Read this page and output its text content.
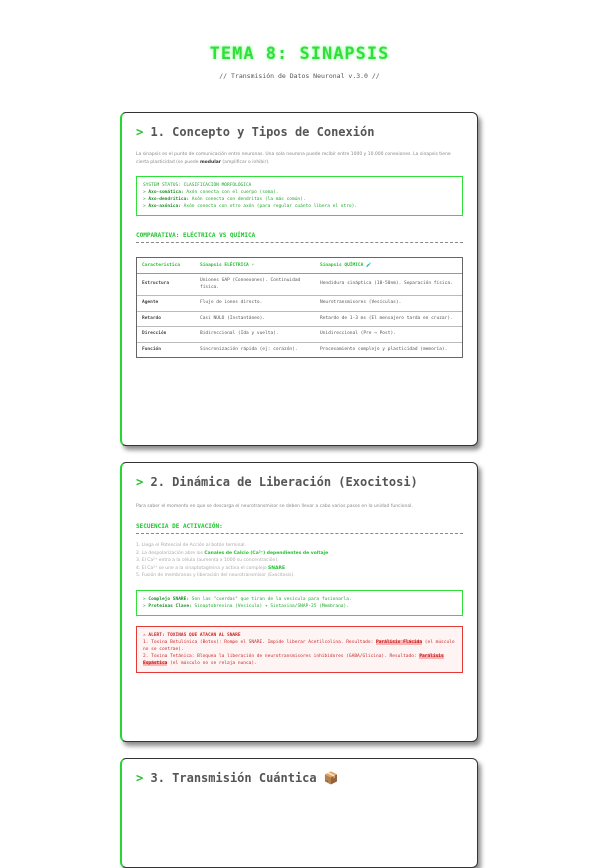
TEMA 8: SINAPSIS
// Transmisión de Datos Neuronal v.3.0 //
> 1. Concepto y Tipos de Conexión
La sinapsis es el punto de comunicación entre neuronas. Una sola neurona puede recibir entre 1000 y 10.000 conexiones. La sinapsis tiene cierta plasticidad (se puede modular (amplificar o inhibir).
SYSTEM STATUS: CLASIFICACIÓN MORFOLÓGICA
> Axo-somática: Axón conecta con el cuerpo (soma).
> Axo-dendrítica: Axón conecta con dendritas (la más común).
> Axo-axónica: Axón conecta con otro axón (para regular cuánto libera el otro).
COMPARATIVA: ELÉCTRICA VS QUÍMICA
Característica	Sinapsis ELÉCTRICA ⚡	Sinapsis QUÍMICA 🧪
Estructura	Uniones GAP (Connexones). Continuidad física.	Hendidura sináptica (10-50nm). Separación física.
Agente	Flujo de iones directo.	Neurotransmisores (Vesículas).
Retardo	Casi NULO (Instantáneo).	Retardo de 1-3 ms (El mensajero tarda en cruzar).
Dirección	Bidireccional (Ida y vuelta).	Unidireccional (Pre → Post).
Función	Sincronización rápida (ej: corazón).	Procesamiento complejo y plasticidad (memoria).
> 2. Dinámica de Liberación (Exocitosi)
Para saber el momento en que se descarga el neurotransmisor se deben llevar a cabo varios pasos en la unidad funcional.
SECUENCIA DE ACTIVACIÓN:
1. Llega el Potencial de Acción al botón terminal.
2. La despolarización abre los Canales de Calcio (Ca²⁺) dependientes de voltaje.
3. El Ca²⁺ entra a la célula (aumenta x 1000 su concentración).
4. El Ca²⁺ se une a la sinaptotagmina y activa el complejo SNARE.
5. Fusión de membranas y liberación del neurotransmisor (Exocitosis).
> Complejo SNARE: Son las "cuerdas" que tiran de la vesícula para fusionarla.
> Proteínas Clave: Sinaptobrevina (Vesícula) + Sintaxina/SNAP-25 (Membrana).
⚠ ALERT: TOXINAS QUE ATACAN AL SNARE
1. Toxina Botulínica (Botox): Rompe el SNARE. Impide liberar Acetilcolina. Resultado: Parálisis Flácida (el músculo no se contrae).
2. Toxina Tetánica: Bloquea la liberación de neurotransmisores inhibidores (GABA/Glicina). Resultado: Parálisis Espástica (el músculo no se relaja nunca).
> 3. Transmisión Cuántica 📦
